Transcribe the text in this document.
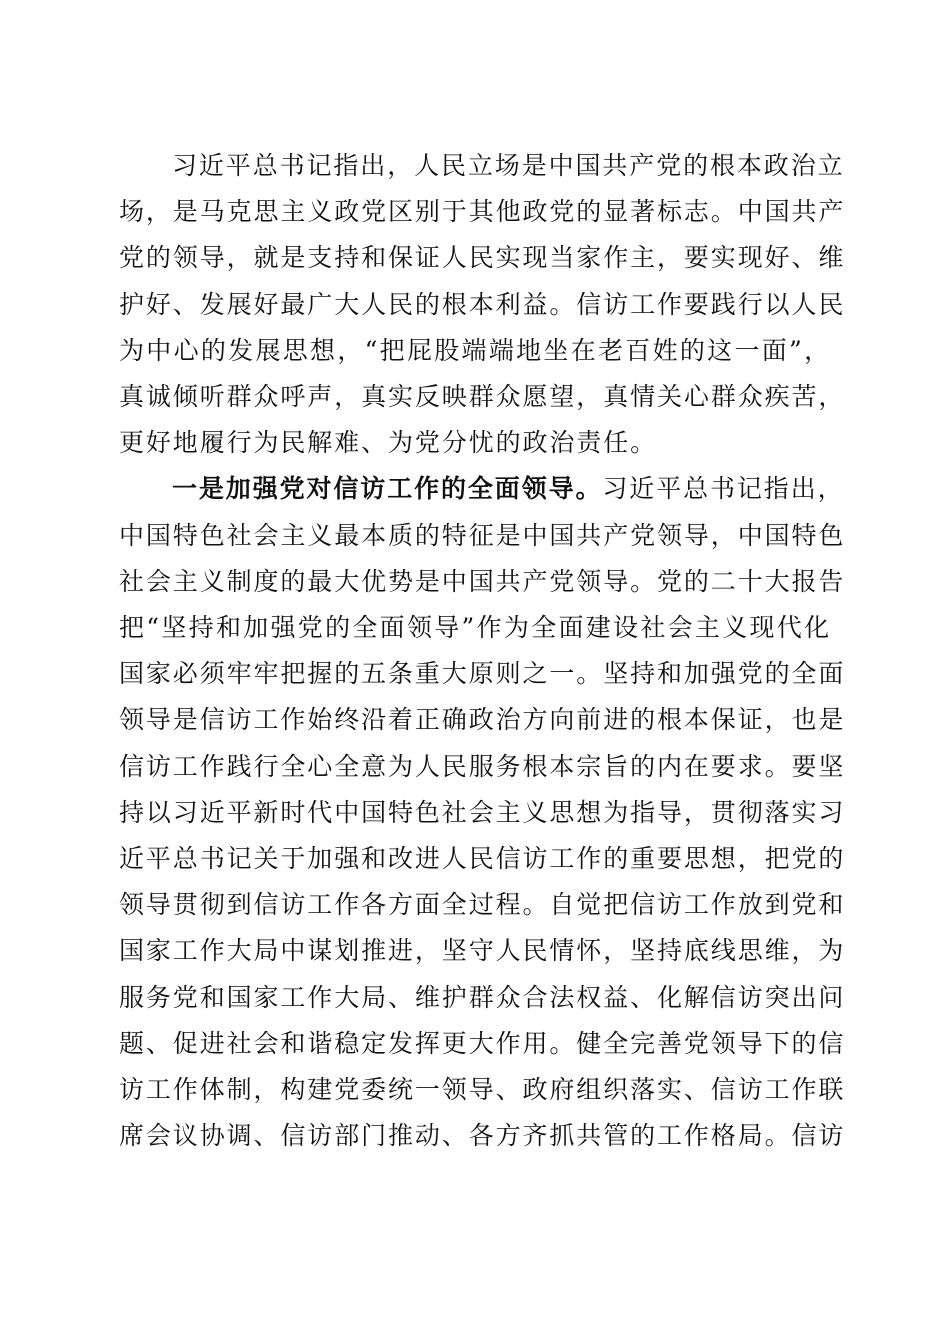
习近平总书记指出，人民立场是中国共产党的根本政治立
场，是马克思主义政党区别于其他政党的显著标志。中国共产
党的领导，就是支持和保证人民实现当家作主，要实现好、维
护好、发展好最广大人民的根本利益。信访工作要践行以人民
为中心的发展思想，“把屁股端端地坐在老百姓的这一面”，
真诚倾听群众呼声，真实反映群众愿望，真情关心群众疾苦，
更好地履行为民解难、为党分忧的政治责任。
一是加强党对信访工作的全面领导。习近平总书记指出，
中国特色社会主义最本质的特征是中国共产党领导，中国特色
社会主义制度的最大优势是中国共产党领导。党的二十大报告
把“坚持和加强党的全面领导”作为全面建设社会主义现代化
国家必须牢牢把握的五条重大原则之一。坚持和加强党的全面
领导是信访工作始终沿着正确政治方向前进的根本保证，也是
信访工作践行全心全意为人民服务根本宗旨的内在要求。要坚
持以习近平新时代中国特色社会主义思想为指导，贯彻落实习
近平总书记关于加强和改进人民信访工作的重要思想，把党的
领导贯彻到信访工作各方面全过程。自觉把信访工作放到党和
国家工作大局中谋划推进，坚守人民情怀，坚持底线思维，为
服务党和国家工作大局、维护群众合法权益、化解信访突出问
题、促进社会和谐稳定发挥更大作用。健全完善党领导下的信
访工作体制，构建党委统一领导、政府组织落实、信访工作联
席会议协调、信访部门推动、各方齐抓共管的工作格局。信访
